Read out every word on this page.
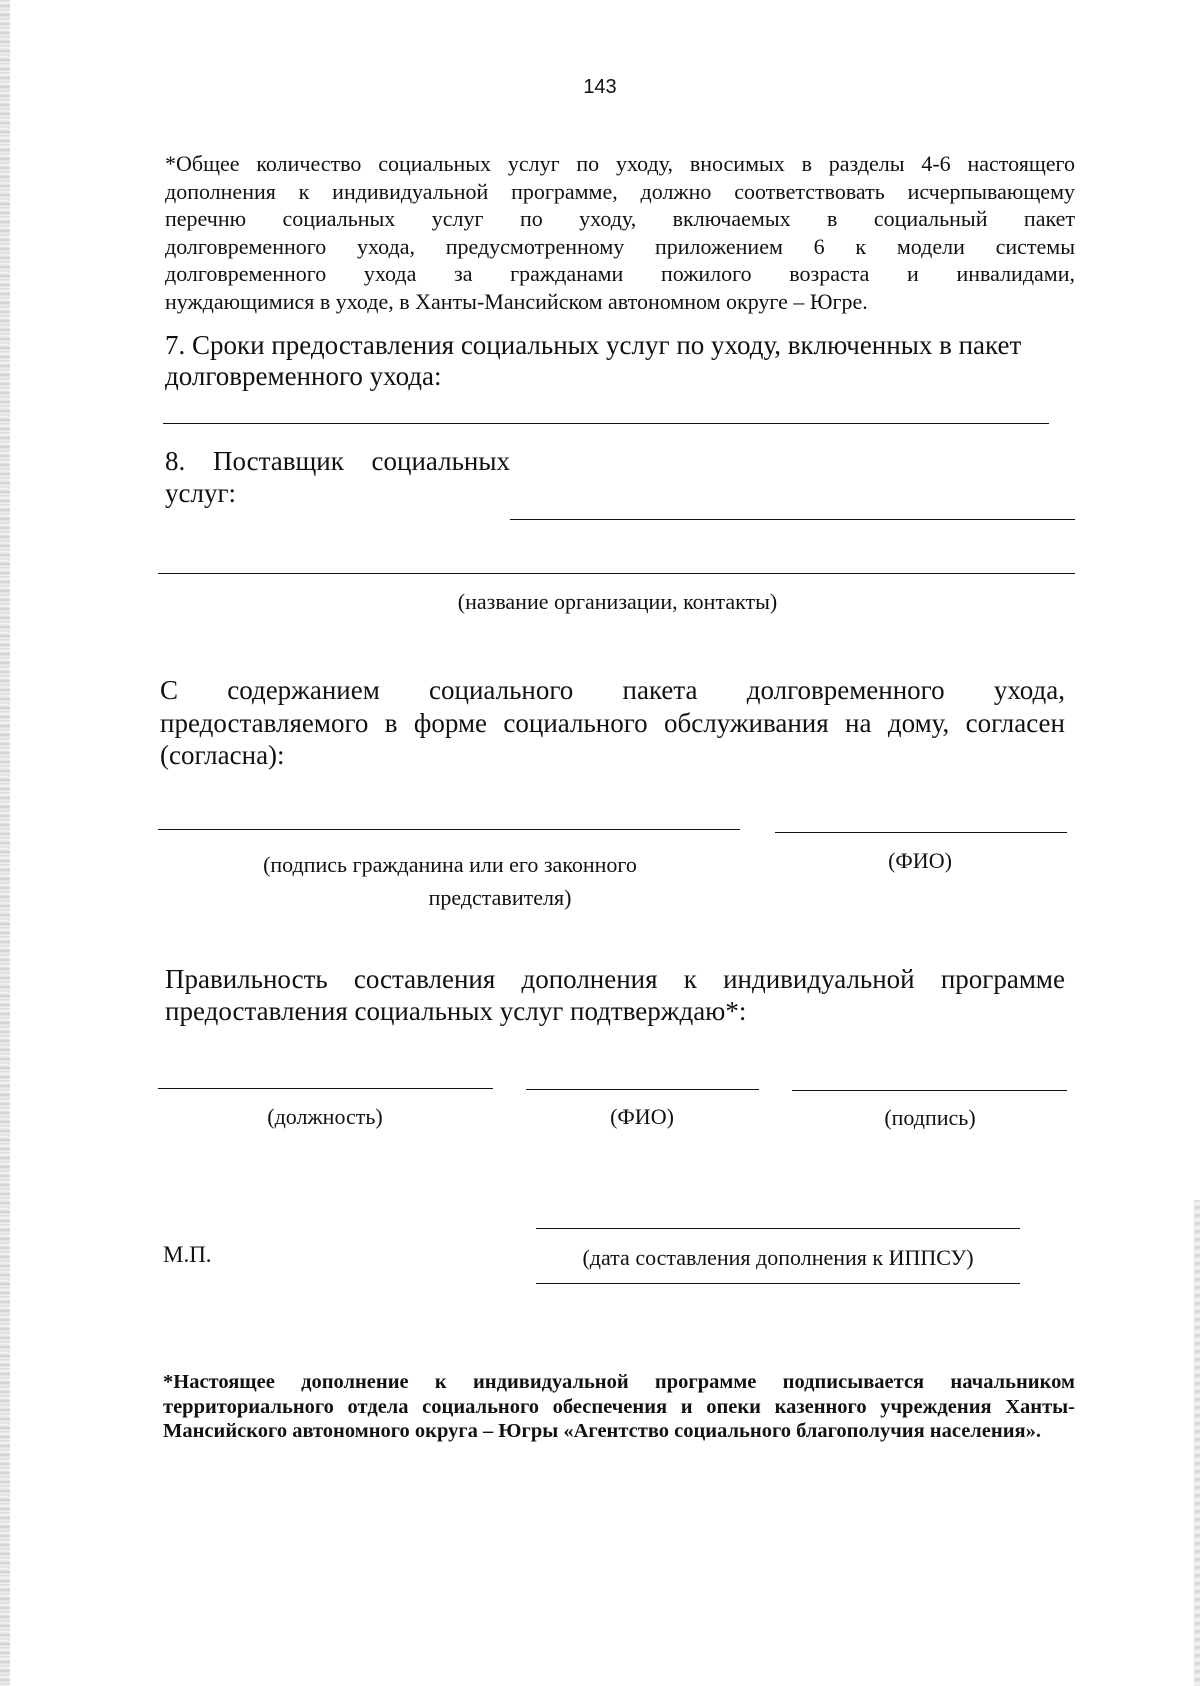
143
*Общее количество социальных услуг по уходу, вносимых в разделы 4-6 настоящего
дополнения к индивидуальной программе, должно соответствовать исчерпывающему
перечню социальных услуг по уходу, включаемых в социальный пакет
долговременного ухода, предусмотренному приложением 6 к модели системы
долговременного ухода за гражданами пожилого возраста и инвалидами,
нуждающимися в уходе, в Ханты-Мансийском автономном округе – Югре.
7. Сроки предоставления социальных услуг по уходу, включенных в пакет
долговременного ухода:
8. Поставщик социальных
услуг:
(название организации, контакты)
С содержанием социального пакета долговременного ухода,
предоставляемого в форме социального обслуживания на дому, согласен
(согласна):
(подпись гражданина или его законного
представителя)
(ФИО)
Правильность составления дополнения к индивидуальной программе
предоставления социальных услуг подтверждаю*:
(должность)	(ФИО)	(подпись)
М.П.	(дата составления дополнения к ИППСУ)
*Настоящее дополнение к индивидуальной программе подписывается начальником
территориального отдела социального обеспечения и опеки казенного учреждения Ханты-
Мансийского автономного округа – Югры «Агентство социального благополучия населения».
